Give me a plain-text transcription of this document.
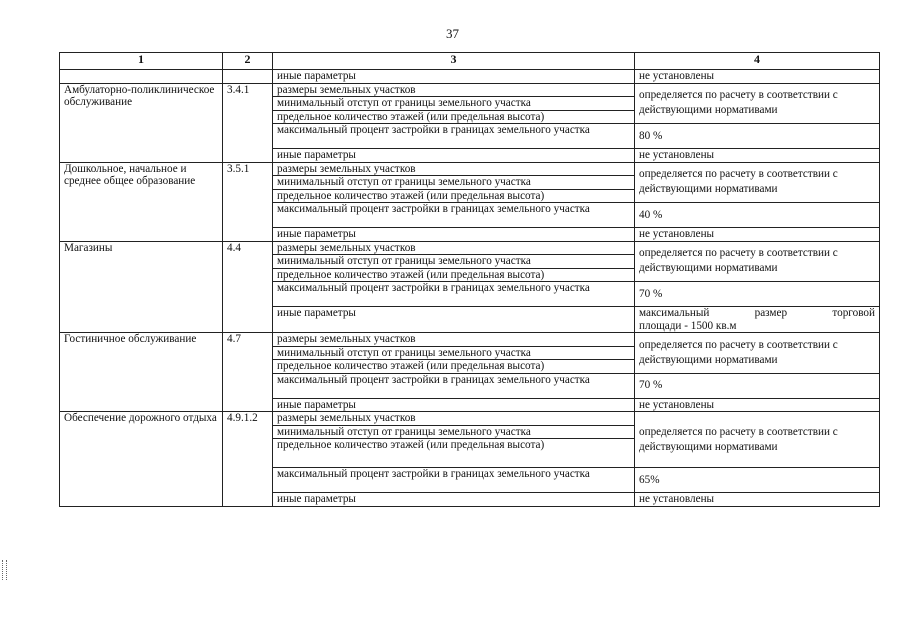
37
1	2	3	4
		иные параметры	не установлены
Амбулаторно-поликлиническое обслуживание	3.4.1	размеры земельных участков	определяется по расчету в соответствии с действующими нормативами
		минимальный отступ от границы земельного участка	
		предельное количество этажей (или предельная высота)	
		максимальный процент застройки в границах земельного участка	80 %
		иные параметры	не установлены
Дошкольное, начальное и среднее общее образование	3.5.1	размеры земельных участков	определяется по расчету в соответствии с действующими нормативами
		минимальный отступ от границы земельного участка	
		предельное количество этажей (или предельная высота)	
		максимальный процент застройки в границах земельного участка	40 %
		иные параметры	не установлены
Магазины	4.4	размеры земельных участков	определяется по расчету в соответствии с действующими нормативами
		минимальный отступ от границы земельного участка	
		предельное количество этажей (или предельная высота)	
		максимальный процент застройки в границах земельного участка	70 %
		иные параметры	максимальный размер торговой
площади - 1500 кв.м

Гостиничное обслуживание	4.7	размеры земельных участков	определяется по расчету в соответствии с действующими нормативами
		минимальный отступ от границы земельного участка	
		предельное количество этажей (или предельная высота)	
		максимальный процент застройки в границах земельного участка	70 %
		иные параметры	не установлены
Обеспечение дорожного отдыха	4.9.1.2	размеры земельных участков	определяется по расчету в соответствии с действующими нормативами
		минимальный отступ от границы земельного участка	
		предельное количество этажей (или предельная высота)	
		максимальный процент застройки в границах земельного участка	65%
		иные параметры	не установлены
